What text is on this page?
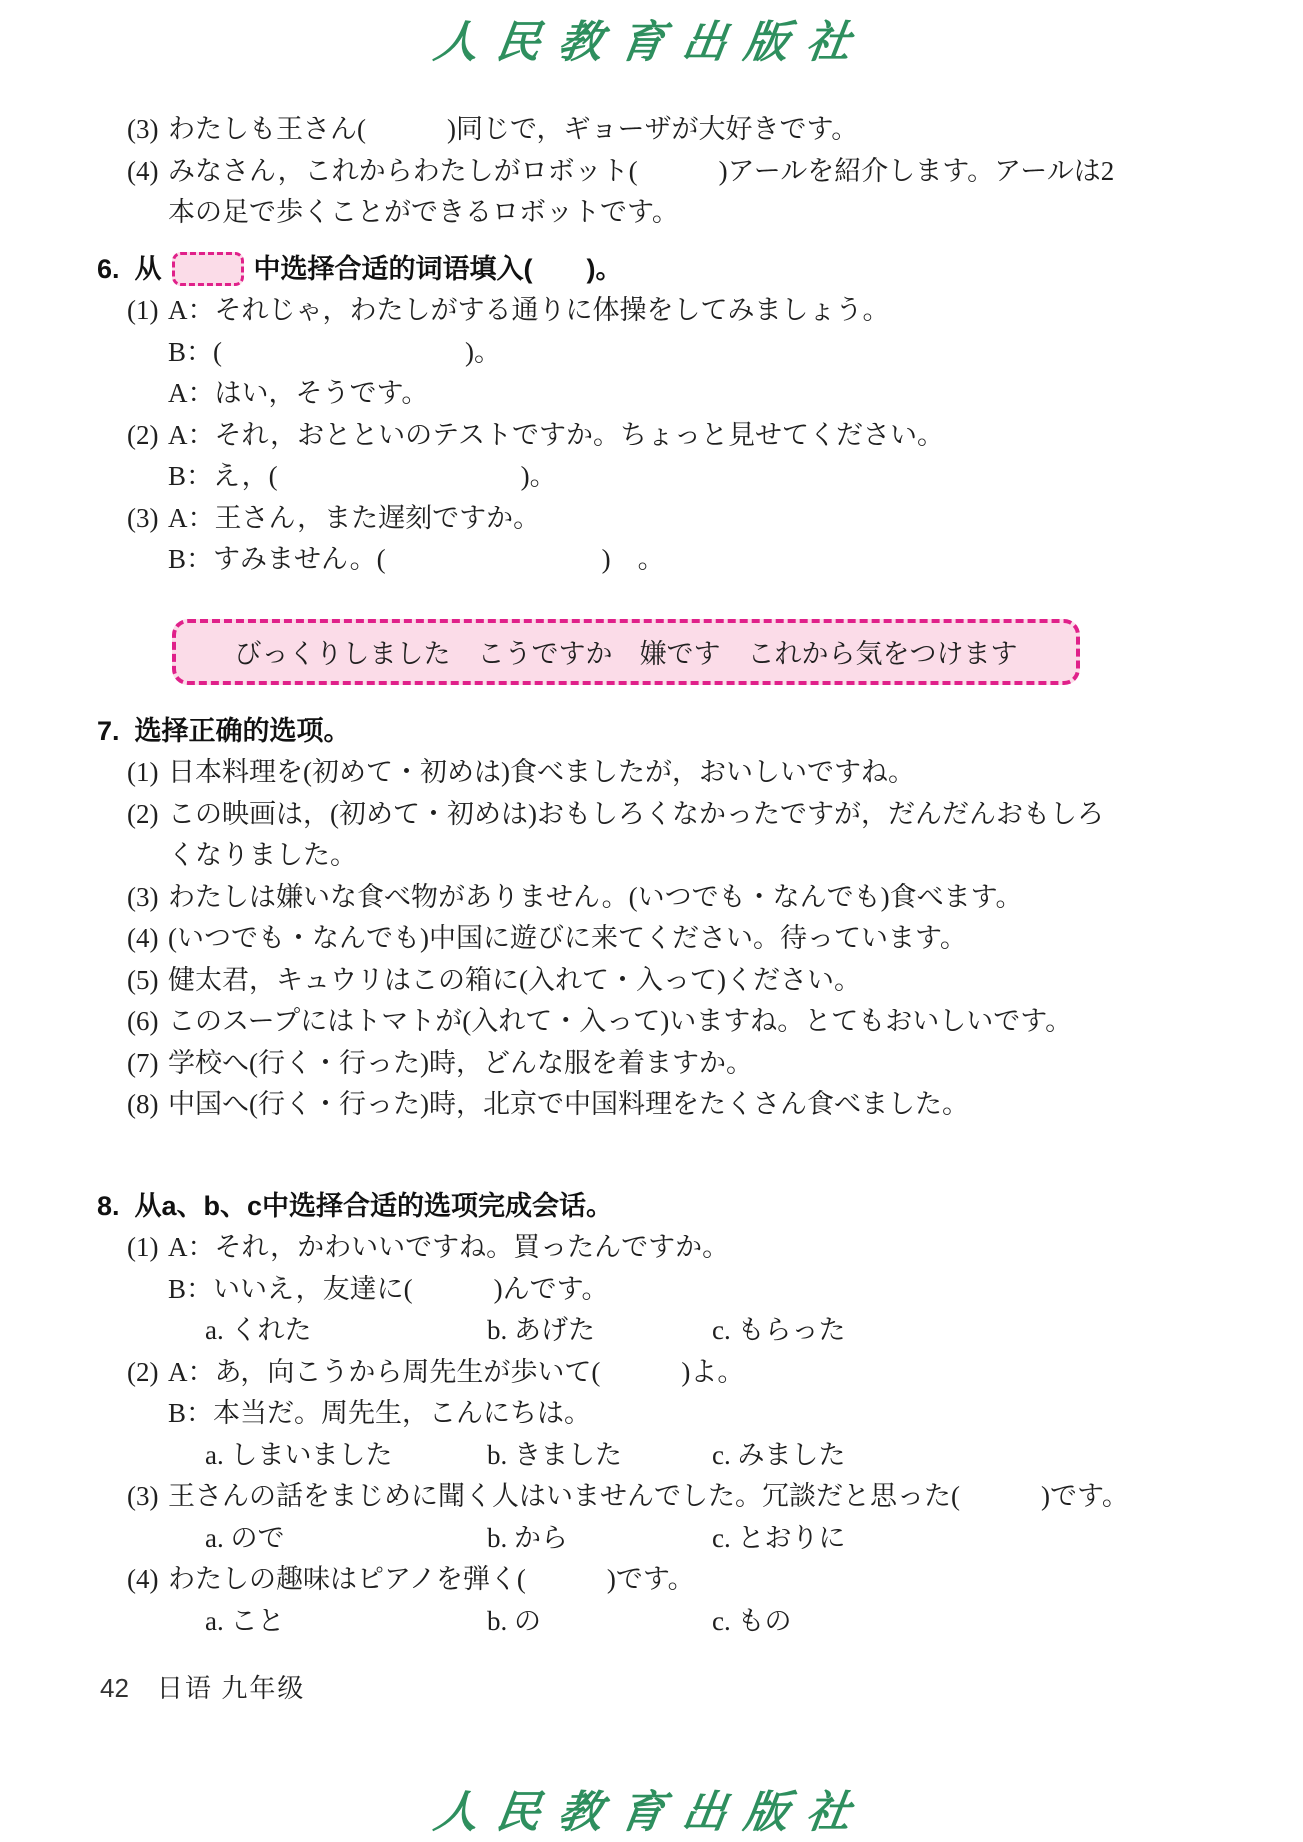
人民教育出版社
(3) わたしも王さん(　　　)同じで，ギョーザが大好きです。
(4) みなさん，これからわたしがロボット(　　　)アールを紹介します。アールは2
本の足で歩くことができるロボットです。
6. 从	中选择合适的词语填入(　　)。
(1) A：それじゃ，わたしがする通りに体操をしてみましょう。
B：(　　　　　　　　　)。
A：はい，そうです。
(2) A：それ，おとといのテストですか。ちょっと見せてください。
B：え，(　　　　　　　　　)。
(3) A：王さん，また遅刻ですか。
B：すみません。(　　　　　　　　)　。
びっくりしました　こうですか　嫌です　これから気をつけます
7. 选择正确的选项。
(1) 日本料理を(初めて・初めは)食べましたが，おいしいですね。
(2) この映画は，(初めて・初めは)おもしろくなかったですが，だんだんおもしろ
くなりました。
(3) わたしは嫌いな食べ物がありません。(いつでも・なんでも)食べます。
(4) (いつでも・なんでも)中国に遊びに来てください。待っています。
(5) 健太君，キュウリはこの箱に(入れて・入って)ください。
(6) このスープにはトマトが(入れて・入って)いますね。とてもおいしいです。
(7) 学校へ(行く・行った)時，どんな服を着ますか。
(8) 中国へ(行く・行った)時，北京で中国料理をたくさん食べました。
8. 从a、b、c中选择合适的选项完成会话。
(1) A：それ，かわいいですね。買ったんですか。
B：いいえ，友達に(　　　)んです。
a. くれた	b. あげた	c. もらった
(2) A：あ，向こうから周先生が歩いて(　　　)よ。
B：本当だ。周先生，こんにちは。
a. しまいました	b. きました	c. みました
(3) 王さんの話をまじめに聞く人はいませんでした。冗談だと思った(　　　)です。
a. ので	b. から	c. とおりに
(4) わたしの趣味はピアノを弾く(　　　)です。
a. こと	b. の	c. もの
42 日语 九年级
人民教育出版社
